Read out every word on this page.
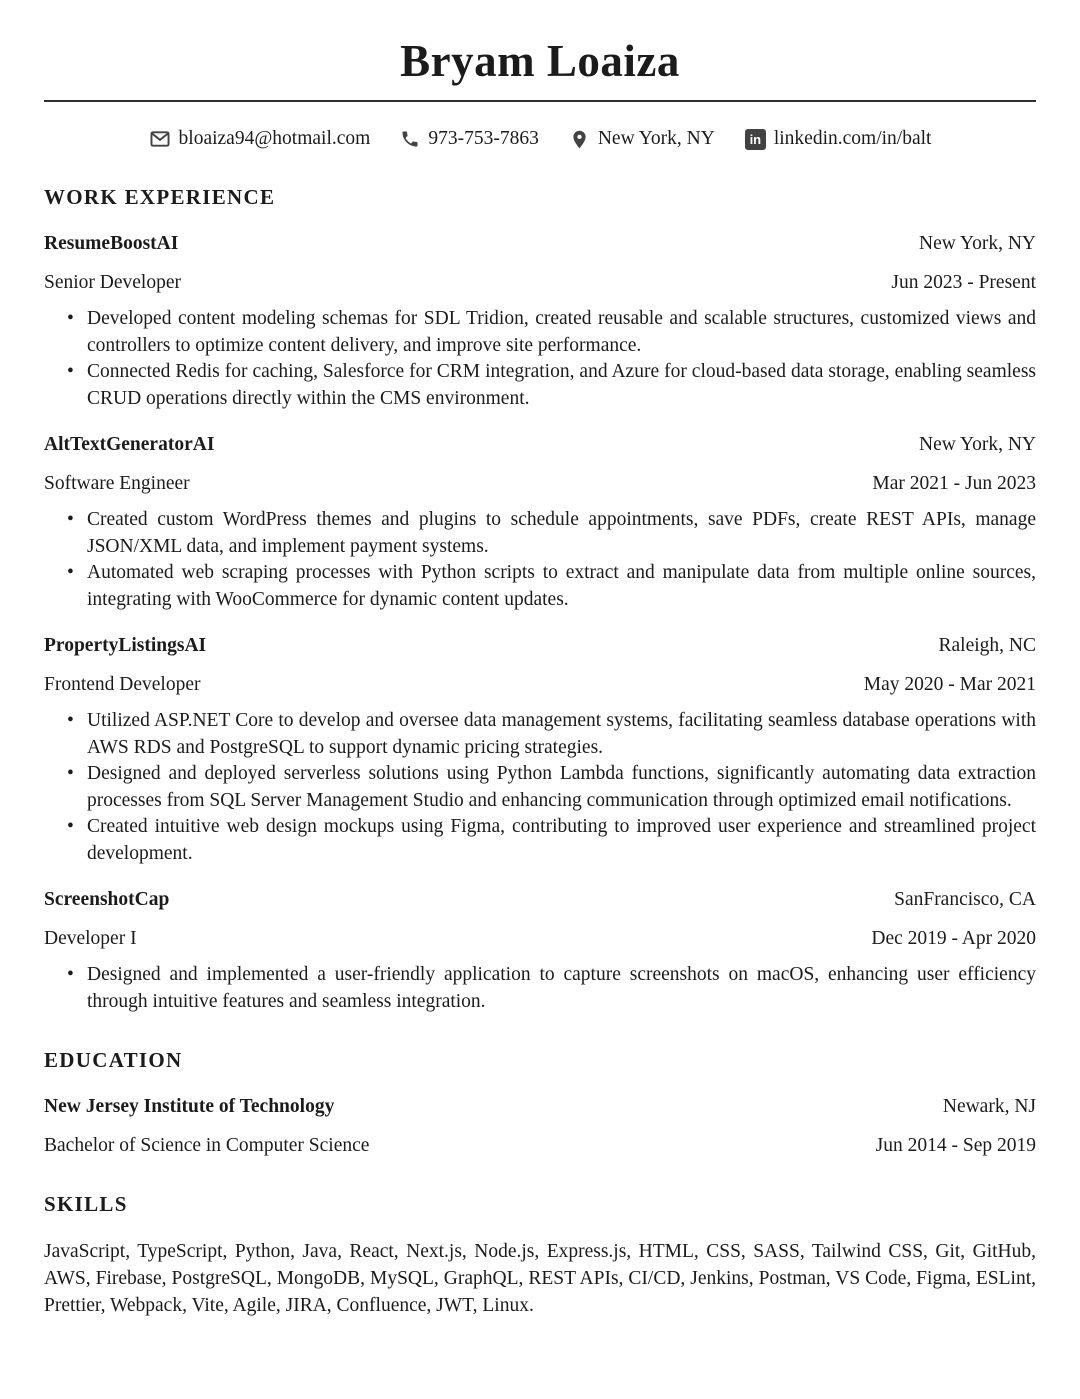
Bryam Loaiza
bloaiza94@hotmail.com	973-753-7863	New York, NY	in linkedin.com/in/balt
WORK EXPERIENCE
ResumeBoostAI	New York, NY
Senior Developer	Jun 2023 - Present
• Developed content modeling schemas for SDL Tridion, created reusable and scalable structures, customized views and controllers to optimize content delivery, and improve site performance.
• Connected Redis for caching, Salesforce for CRM integration, and Azure for cloud-based data storage, enabling seamless CRUD operations directly within the CMS environment.
AltTextGeneratorAI	New York, NY
Software Engineer	Mar 2021 - Jun 2023
• Created custom WordPress themes and plugins to schedule appointments, save PDFs, create REST APIs, manage JSON/XML data, and implement payment systems.
• Automated web scraping processes with Python scripts to extract and manipulate data from multiple online sources, integrating with WooCommerce for dynamic content updates.
PropertyListingsAI	Raleigh, NC
Frontend Developer	May 2020 - Mar 2021
• Utilized ASP.NET Core to develop and oversee data management systems, facilitating seamless database operations with AWS RDS and PostgreSQL to support dynamic pricing strategies.
• Designed and deployed serverless solutions using Python Lambda functions, significantly automating data extraction processes from SQL Server Management Studio and enhancing communication through optimized email notifications.
• Created intuitive web design mockups using Figma, contributing to improved user experience and streamlined project development.
ScreenshotCap	SanFrancisco, CA
Developer I	Dec 2019 - Apr 2020
• Designed and implemented a user-friendly application to capture screenshots on macOS, enhancing user efficiency through intuitive features and seamless integration.
EDUCATION
New Jersey Institute of Technology	Newark, NJ
Bachelor of Science in Computer Science	Jun 2014 - Sep 2019
SKILLS

JavaScript, TypeScript, Python, Java, React, Next.js, Node.js, Express.js, HTML, CSS, SASS, Tailwind CSS, Git, GitHub, AWS, Firebase, PostgreSQL, MongoDB, MySQL, GraphQL, REST APIs, CI/CD, Jenkins, Postman, VS Code, Figma, ESLint, Prettier, Webpack, Vite, Agile, JIRA, Confluence, JWT, Linux.
